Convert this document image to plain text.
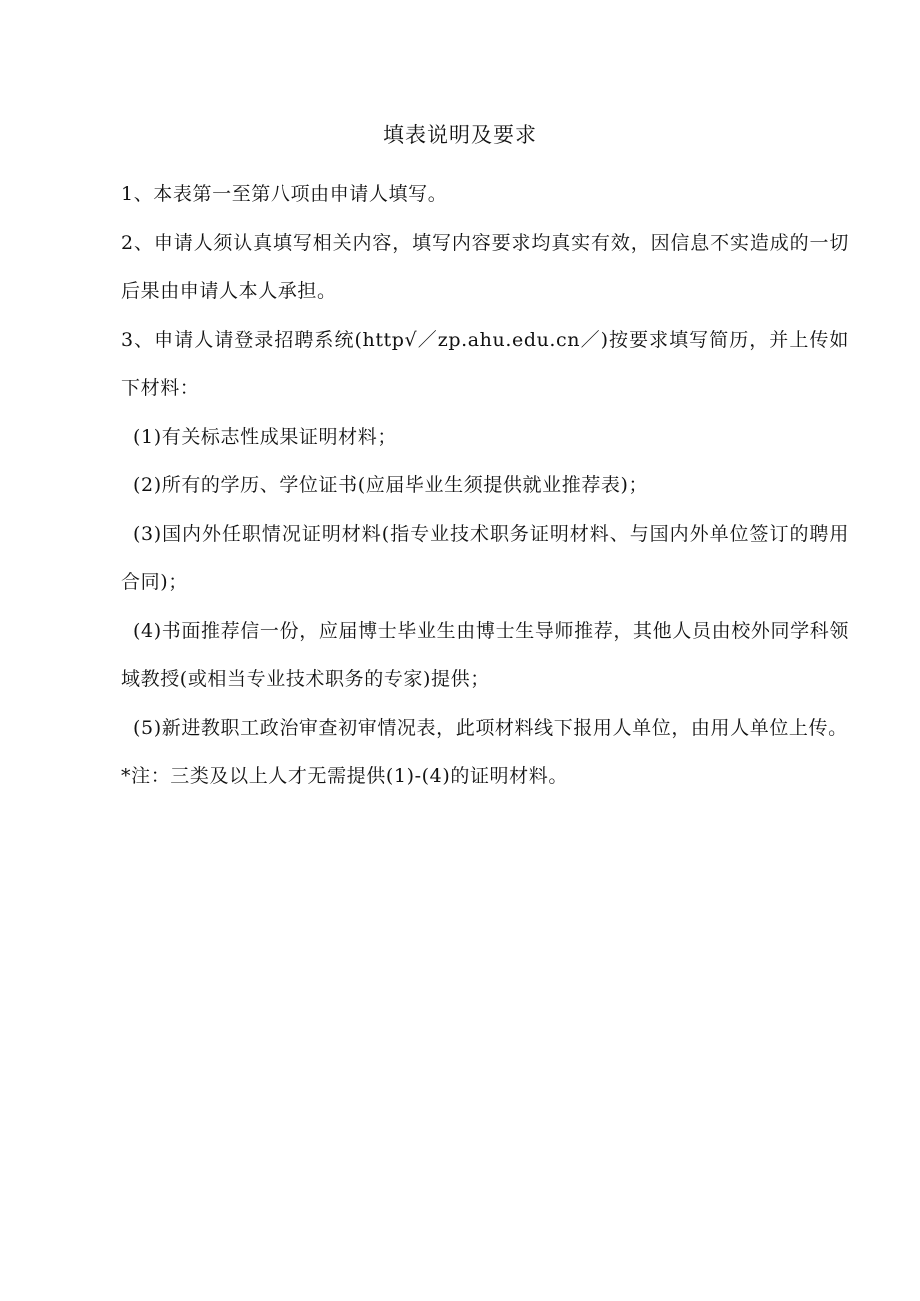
填表说明及要求

1、本表第一至第八项由申请人填写。

2、申请人须认真填写相关内容，填写内容要求均真实有效，因信息不实造成的一切后果由申请人本人承担。

3、申请人请登录招聘系统(http√／zp.ahu.edu.cn／)按要求填写简历，并上传如下材料：

(1)有关标志性成果证明材料；

(2)所有的学历、学位证书(应届毕业生须提供就业推荐表)；

(3)国内外任职情况证明材料(指专业技术职务证明材料、与国内外单位签订的聘用合同)；

(4)书面推荐信一份，应届博士毕业生由博士生导师推荐，其他人员由校外同学科领域教授(或相当专业技术职务的专家)提供；

(5)新进教职工政治审查初审情况表，此项材料线下报用人单位，由用人单位上传。

*注：三类及以上人才无需提供(1)-(4)的证明材料。
